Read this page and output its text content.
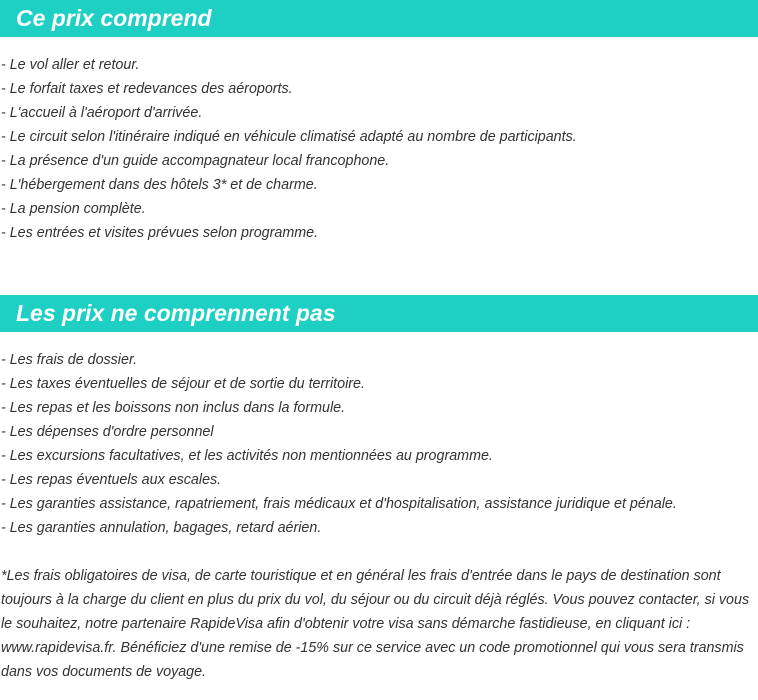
Ce prix comprend
- Le vol aller et retour.
- Le forfait taxes et redevances des aéroports.
- L'accueil à l'aéroport d'arrivée.
- Le circuit selon l'itinéraire indiqué en véhicule climatisé adapté au nombre de participants.
- La présence d'un guide accompagnateur local francophone.
- L'hébergement dans des hôtels 3* et de charme.
- La pension complète.
- Les entrées et visites prévues selon programme.
Les prix ne comprennent pas
- Les frais de dossier.
- Les taxes éventuelles de séjour et de sortie du territoire.
- Les repas et les boissons non inclus dans la formule.
- Les dépenses d'ordre personnel
- Les excursions facultatives, et les activités non mentionnées au programme.
- Les repas éventuels aux escales.
- Les garanties assistance, rapatriement, frais médicaux et d'hospitalisation, assistance juridique et pénale.
- Les garanties annulation, bagages, retard aérien.

*Les frais obligatoires de visa, de carte touristique et en général les frais d'entrée dans le pays de destination sont toujours à la charge du client en plus du prix du vol, du séjour ou du circuit déjà réglés. Vous pouvez contacter, si vous le souhaitez, notre partenaire RapideVisa afin d'obtenir votre visa sans démarche fastidieuse, en cliquant ici : www.rapidevisa.fr. Bénéficiez d'une remise de -15% sur ce service avec un code promotionnel qui vous sera transmis dans vos documents de voyage.
